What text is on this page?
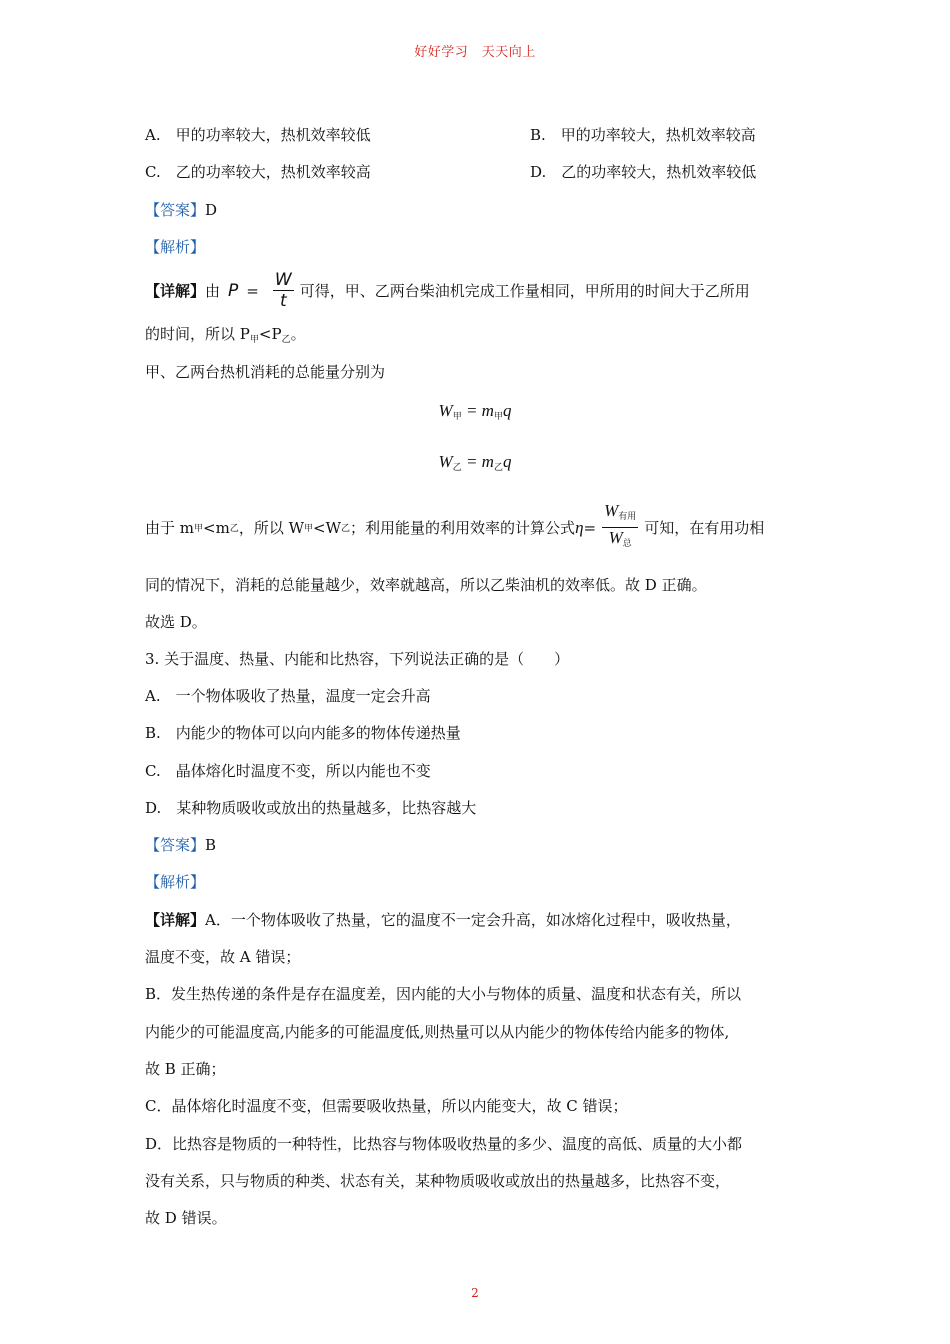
好好学习　天天向上
A.　甲的功率较大，热机效率较低	B.　甲的功率较大，热机效率较高
C.　乙的功率较大，热机效率较高	D.　乙的功率较大，热机效率较低
【答案】D
【解析】
【详解】 由 $P = \frac{W}{t}$ 可得，甲、乙两台柴油机完成工作量相同，甲所用的时间大于乙所用
的时间，所以 $P_甲<P_乙$。
甲、乙两台热机消耗的总能量分别为
$W_甲 = m_甲q$
$W_乙 = m_乙q$
由于 m 甲 <m 乙 ，所以 W 甲 <W 乙 ；利用能量的利用效率的计算公式 $\eta = \frac{W_{有用}}{W_总}$ 可知，在有用功相
同的情况下，消耗的总能量越少，效率就越高，所以乙柴油机的效率低。故 D 正确。
故选 D。
3. 关于温度、热量、内能和比热容，下列说法正确的是（　　）
A.　一个物体吸收了热量，温度一定会升高
B.　内能少的物体可以向内能多的物体传递热量
C.　晶体熔化时温度不变，所以内能也不变
D.　某种物质吸收或放出的热量越多，比热容越大
【答案】B
【解析】
【详解】A．一个物体吸收了热量，它的温度不一定会升高，如冰熔化过程中，吸收热量，
温度不变，故 A 错误；
B．发生热传递的条件是存在温度差，因内能的大小与物体的质量、温度和状态有关，所以
内能少的可能温度高,内能多的可能温度低,则热量可以从内能少的物体传给内能多的物体,
故 B 正确；
C．晶体熔化时温度不变，但需要吸收热量，所以内能变大，故 C 错误；
D．比热容是物质的一种特性，比热容与物体吸收热量的多少、温度的高低、质量的大小都
没有关系，只与物质的种类、状态有关，某种物质吸收或放出的热量越多，比热容不变，
故 D 错误。
2
